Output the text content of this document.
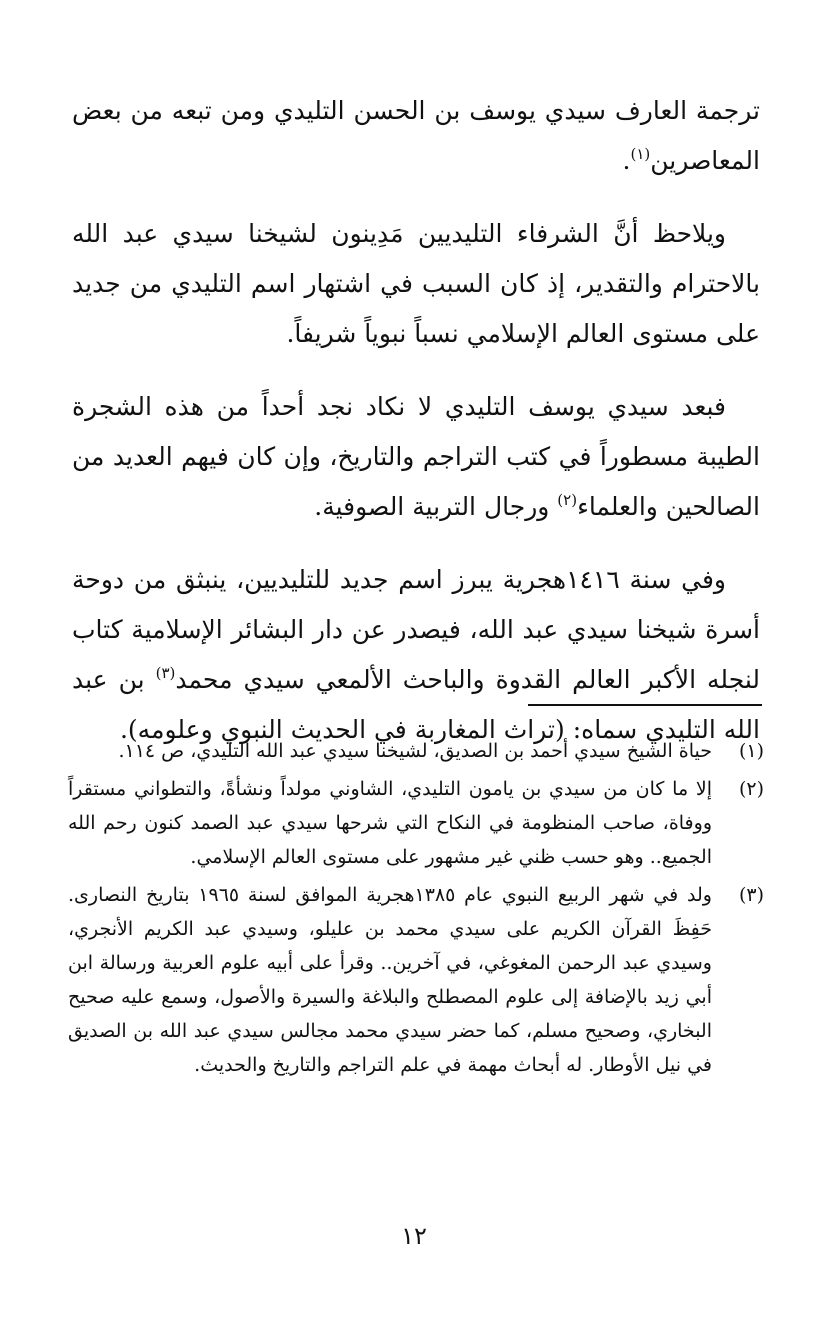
ترجمة العارف سيدي يوسف بن الحسن التليدي ومن تبعه من بعض المعاصرين$^{(١)}$.

ويلاحظ أنَّ الشرفاء التليديين مَدِينون لشيخنا سيدي عبد الله بالاحترام والتقدير، إذ كان السبب في اشتهار اسم التليدي من جديد على مستوى العالم الإسلامي نسباً نبوياً شريفاً.

فبعد سيدي يوسف التليدي لا نكاد نجد أحداً من هذه الشجرة الطيبة مسطوراً في كتب التراجم والتاريخ، وإن كان فيهم العديد من الصالحين والعلماء$^{(٢)}$ ورجال التربية الصوفية.

وفي سنة ١٤١٦هجرية يبرز اسم جديد للتليديين، ينبثق من دوحة أسرة شيخنا سيدي عبد الله، فيصدر عن دار البشائر الإسلامية كتاب لنجله الأكبر العالم القدوة والباحث الألمعي سيدي محمد$^{(٣)}$ بن عبد الله التليدي سماه: (تراث المغاربة في الحديث النبوي وعلومه).

(١)
حياة الشيخ سيدي أحمد بن الصديق، لشيخنا سيدي عبد الله التليدي، ص ١١٤.
(٢)
إلا ما كان من سيدي بن يامون التليدي، الشاوني مولداً ونشأةً، والتطواني مستقراً ووفاة، صاحب المنظومة في النكاح التي شرحها سيدي عبد الصمد كنون رحم الله الجميع.. وهو حسب ظني غير مشهور على مستوى العالم الإسلامي.
(٣)
ولد في شهر الربيع النبوي عام ١٣٨٥هجرية الموافق لسنة ١٩٦٥ بتاريخ النصارى. حَفِظَ القرآن الكريم على سيدي محمد بن عليلو، وسيدي عبد الكريم الأنجري، وسيدي عبد الرحمن المغوغي، في آخرين.. وقرأ على أبيه علوم العربية ورسالة ابن أبي زيد بالإضافة إلى علوم المصطلح والبلاغة والسيرة والأصول، وسمع عليه صحيح البخاري، وصحيح مسلم، كما حضر سيدي محمد مجالس سيدي عبد الله بن الصديق في نيل الأوطار. له أبحاث مهمة في علم التراجم والتاريخ والحديث.
١٢
